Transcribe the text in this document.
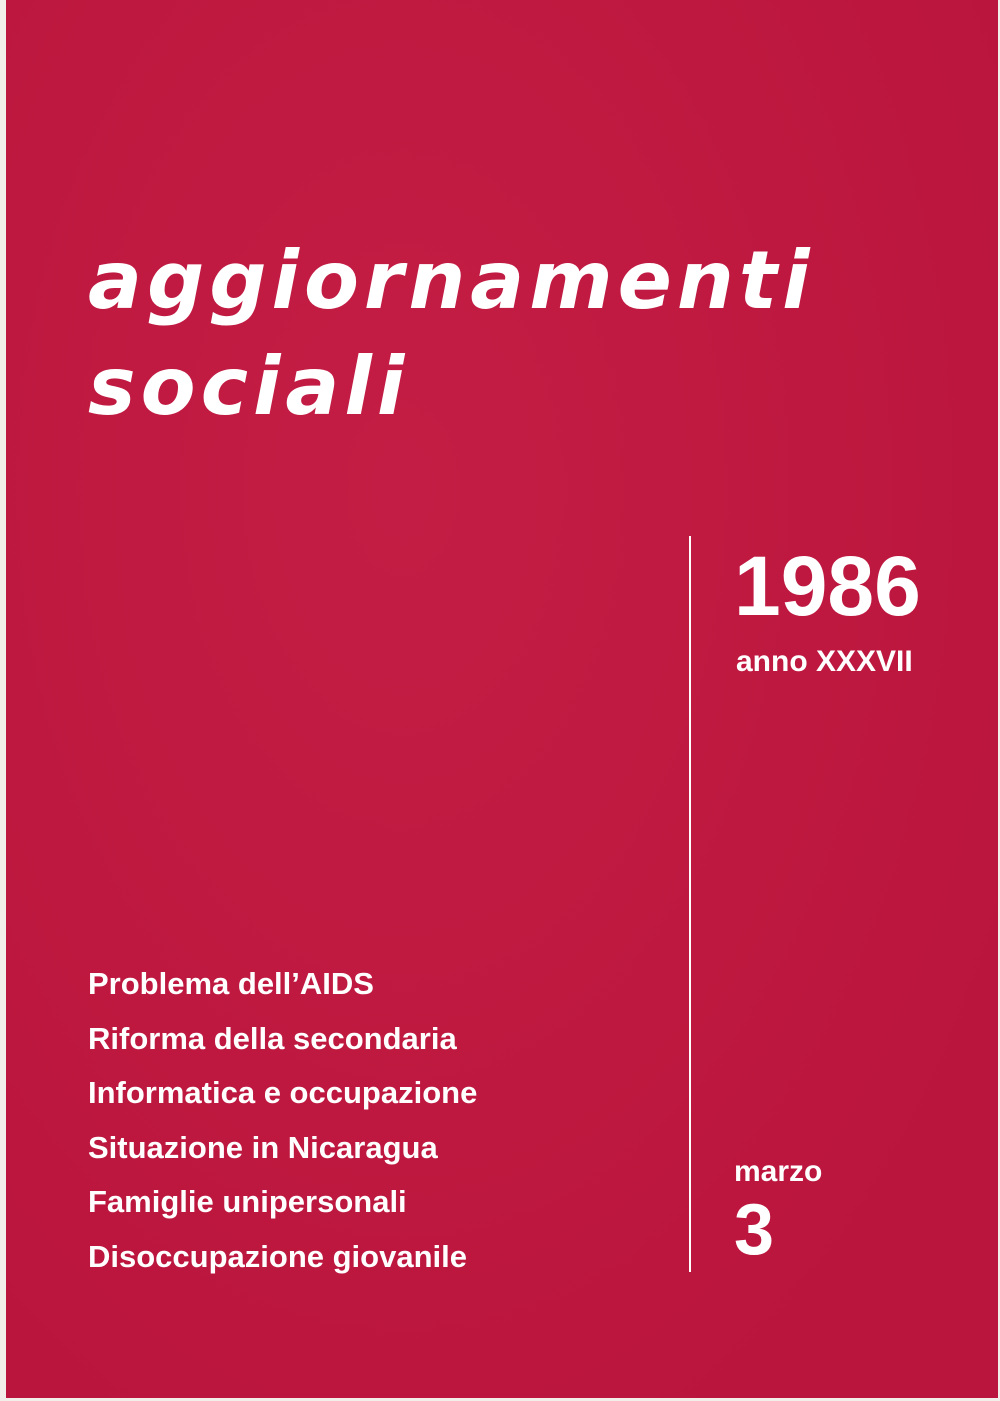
aggiornamenti
sociali
1986
anno XXXVII
Problema dell’AIDS
Riforma della secondaria
Informatica e occupazione
Situazione in Nicaragua
Famiglie unipersonali
Disoccupazione giovanile
marzo
3
